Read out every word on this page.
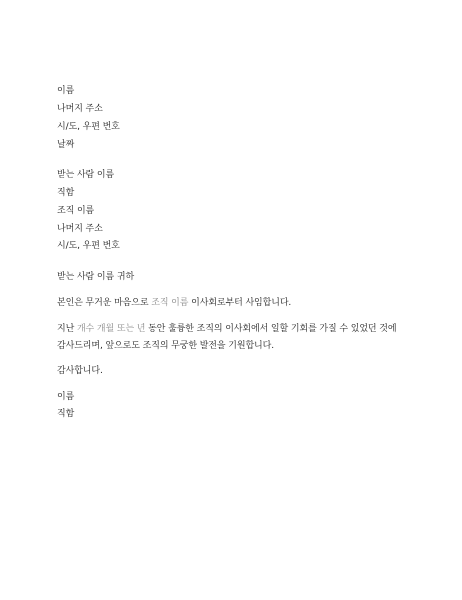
이름
나머지 주소
시/도, 우편 번호
날짜
받는 사람 이름
직함
조직 이름
나머지 주소
시/도, 우편 번호
받는 사람 이름 귀하
본인은 무거운 마음으로 조직 이름 이사회로부터 사임합니다.
지난 개수 개월 또는 년 동안 훌륭한 조직의 이사회에서 일할 기회를 가질 수 있었던 것에
감사드리며, 앞으로도 조직의 무궁한 발전을 기원합니다.
감사합니다.
이름
직함
